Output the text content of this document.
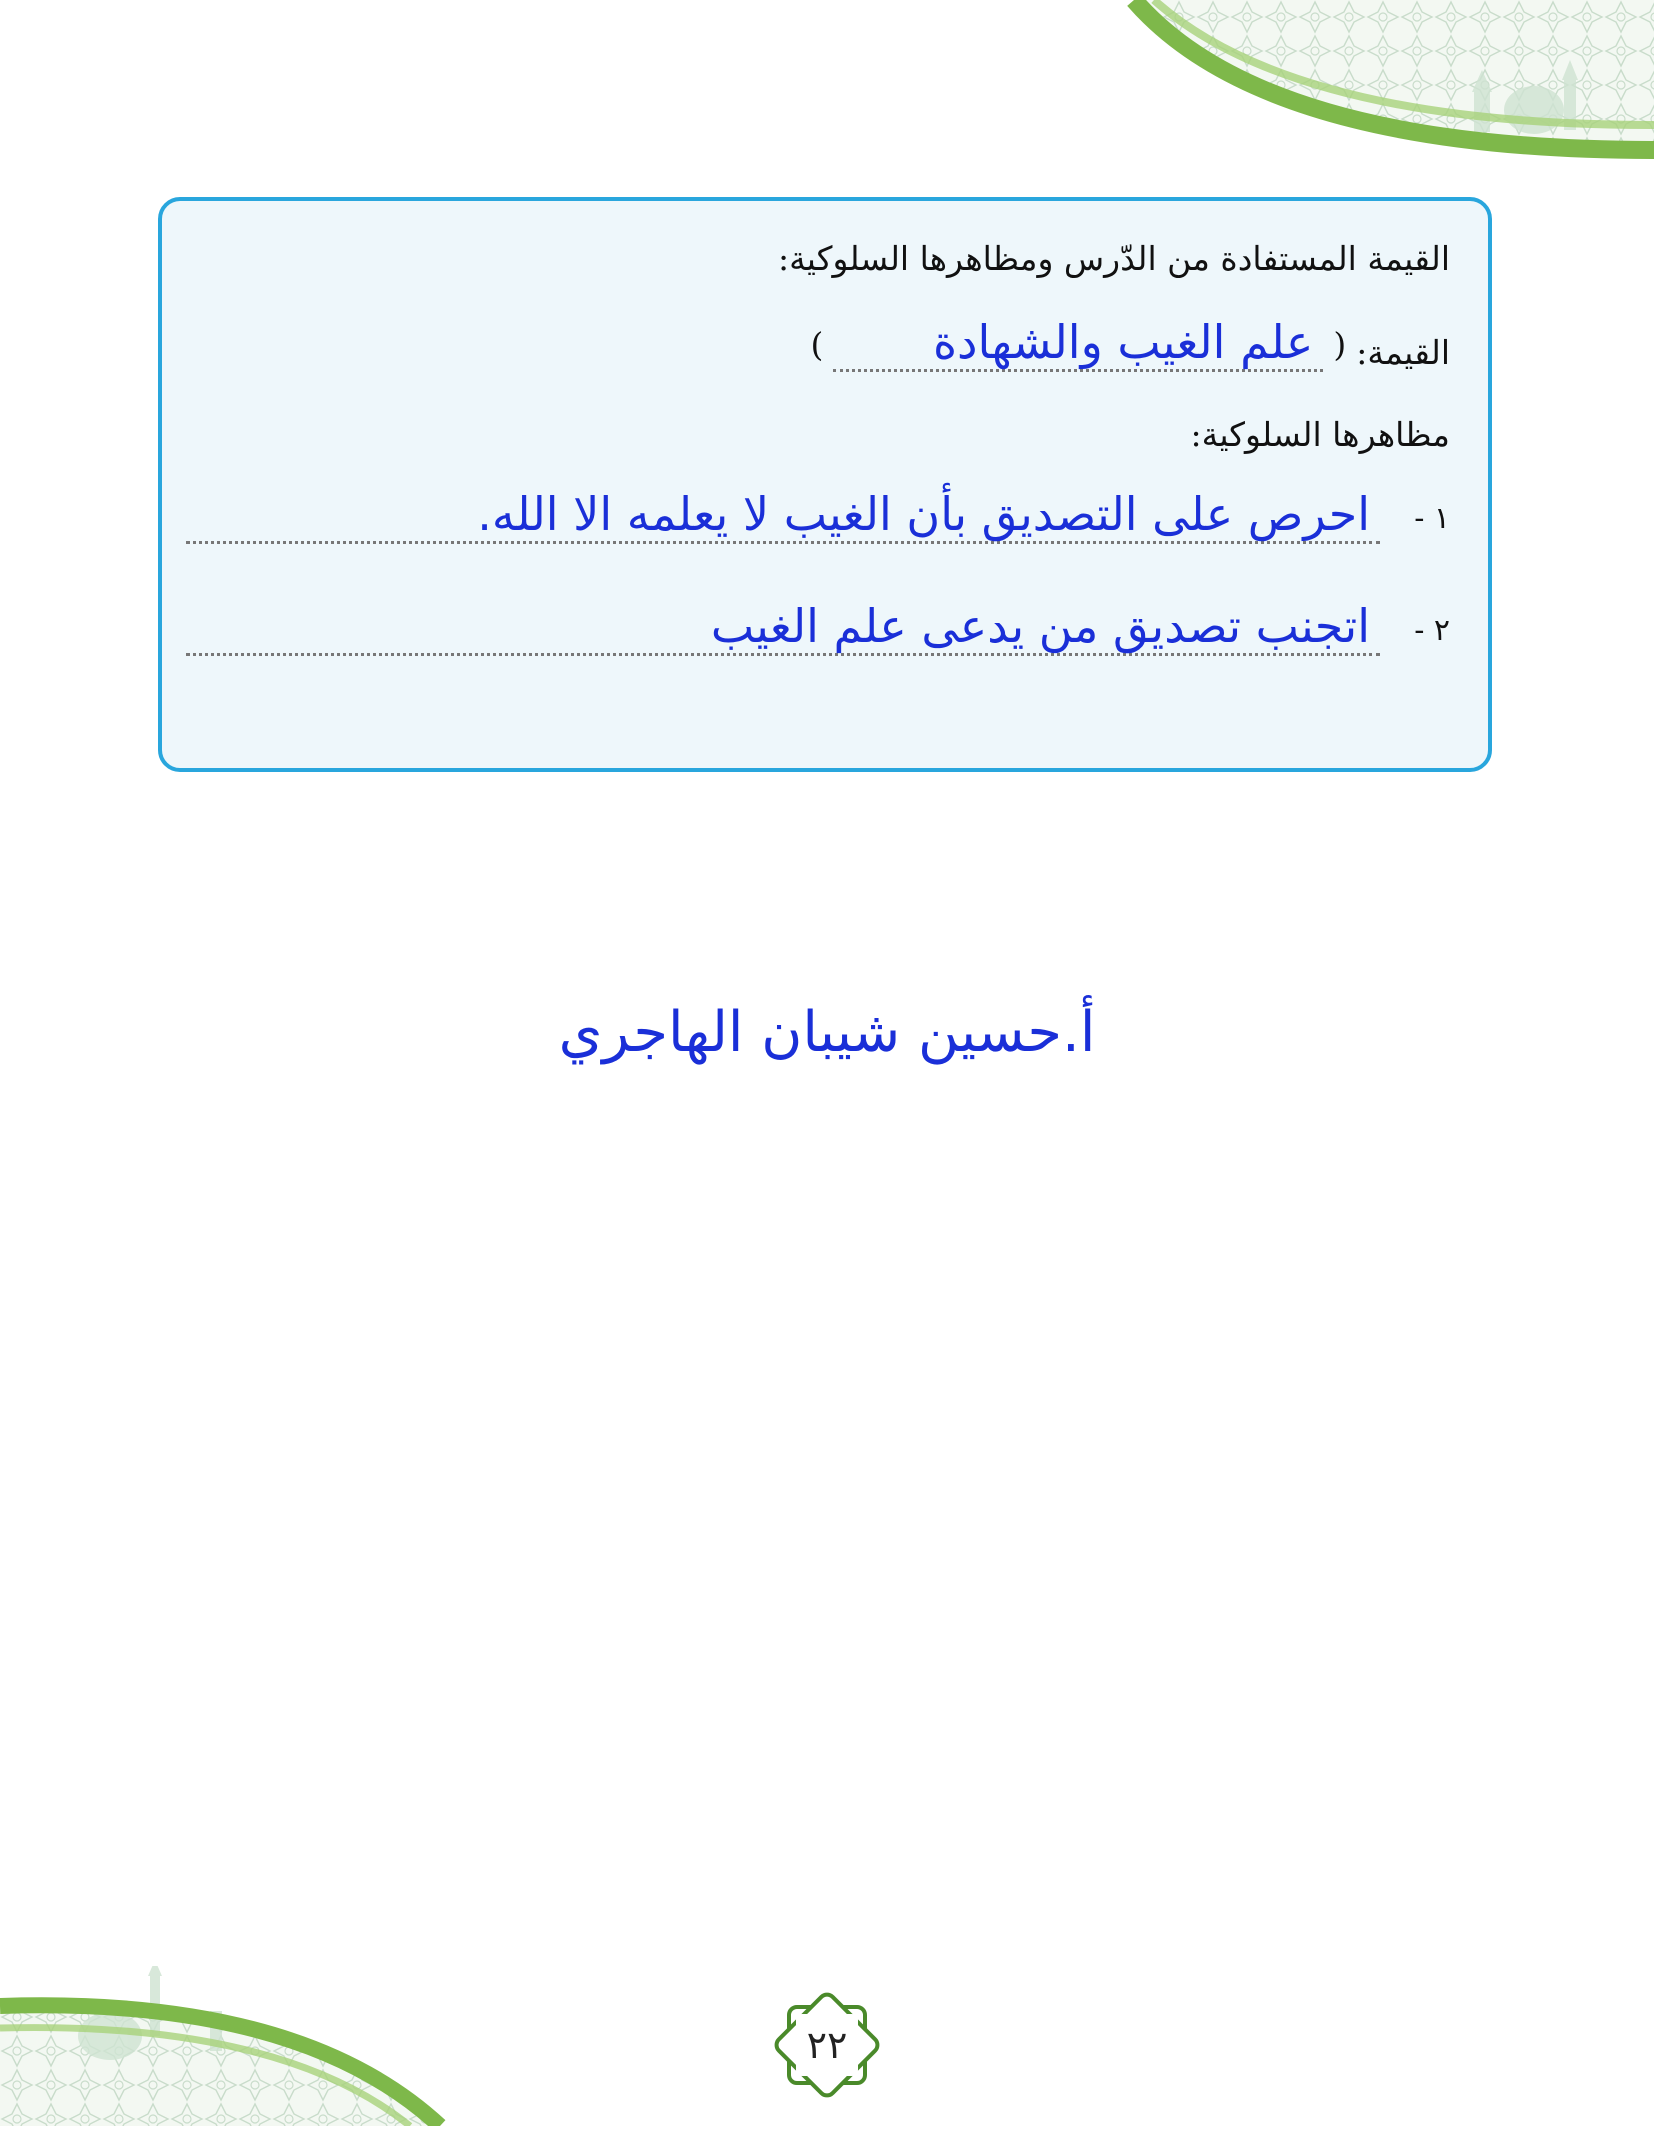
القيمة المستفادة من الدّرس ومظاهرها السلوكية:
القيمة:
(
علم الغيب والشهادة
)
مظاهرها السلوكية:
١ -
احرص على التصديق بأن الغيب لا يعلمه الا الله.
٢ -
اتجنب تصديق من يدعى علم الغيب
أ.حسين شيبان الهاجري
٢٢
